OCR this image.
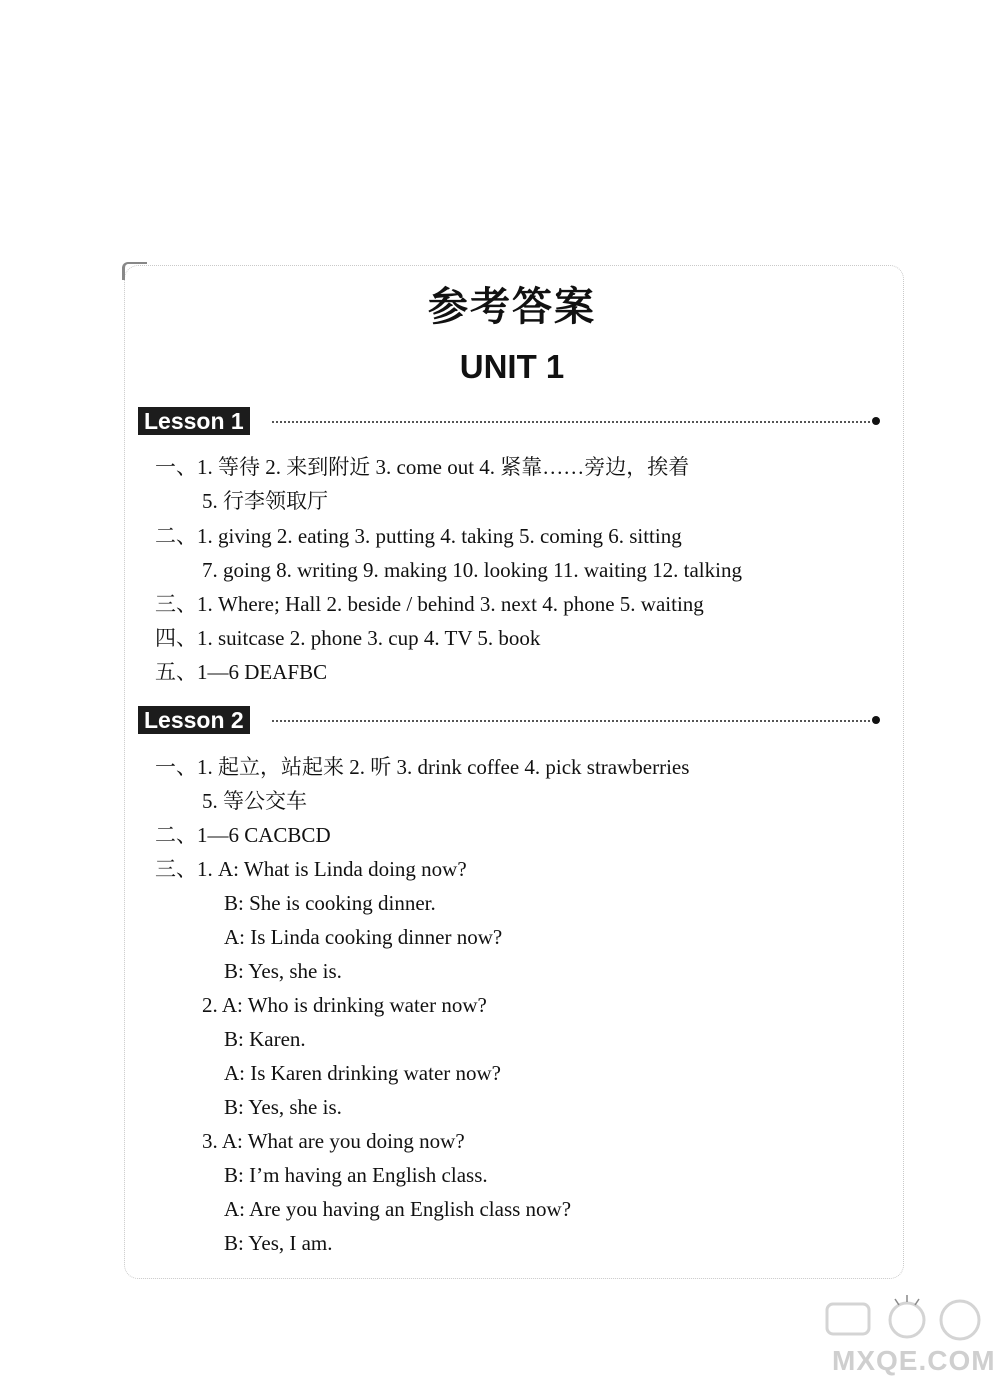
参考答案
UNIT 1
Lesson 1
一、1. 等待 2. 来到附近 3. come out 4. 紧靠……旁边，挨着
5. 行李领取厅
二、1. giving 2. eating 3. putting 4. taking 5. coming 6. sitting
7. going 8. writing 9. making 10. looking 11. waiting 12. talking
三、1. Where; Hall 2. beside / behind 3. next 4. phone 5. waiting
四、1. suitcase 2. phone 3. cup 4. TV 5. book
五、1—6 DEAFBC
Lesson 2
一、1. 起立，站起来 2. 听 3. drink coffee 4. pick strawberries
5. 等公交车
二、1—6 CACBCD
三、1. A: What is Linda doing now?
B: She is cooking dinner.
A: Is Linda cooking dinner now?
B: Yes, she is.
2. A: Who is drinking water now?
B: Karen.
A: Is Karen drinking water now?
B: Yes, she is.
3. A: What are you doing now?
B: I’m having an English class.
A: Are you having an English class now?
B: Yes, I am.
MXQE.COM
